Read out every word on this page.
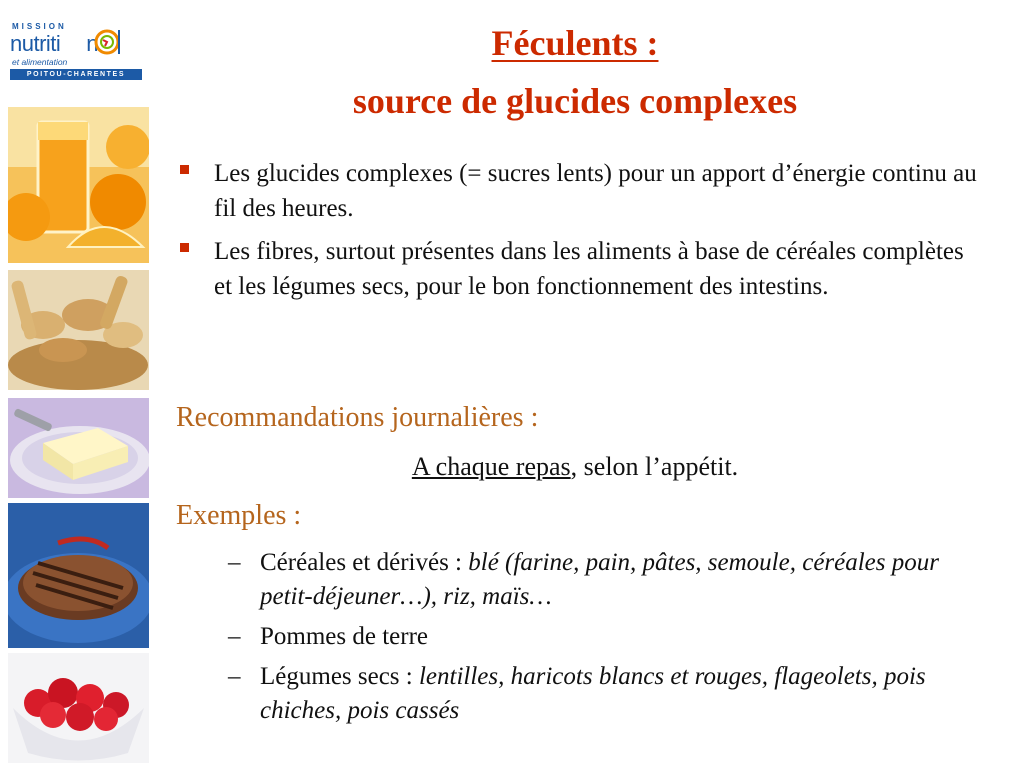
MISSION
nutriti n
et alimentation
POITOU-CHARENTES
Féculents :
source de glucides complexes
Les glucides complexes (= sucres lents) pour un apport d’énergie continu au fil des heures.
Les fibres, surtout présentes dans les aliments à base de céréales complètes et les légumes secs, pour le bon fonctionnement des intestins.
Recommandations journalières :
A chaque repas, selon l’appétit.
Exemples :
– Céréales et dérivés : blé (farine, pain, pâtes, semoule, céréales pour petit-déjeuner…), riz, maïs…
– Pommes de terre
– Légumes secs : lentilles, haricots blancs et rouges, flageolets, pois chiches, pois cassés
